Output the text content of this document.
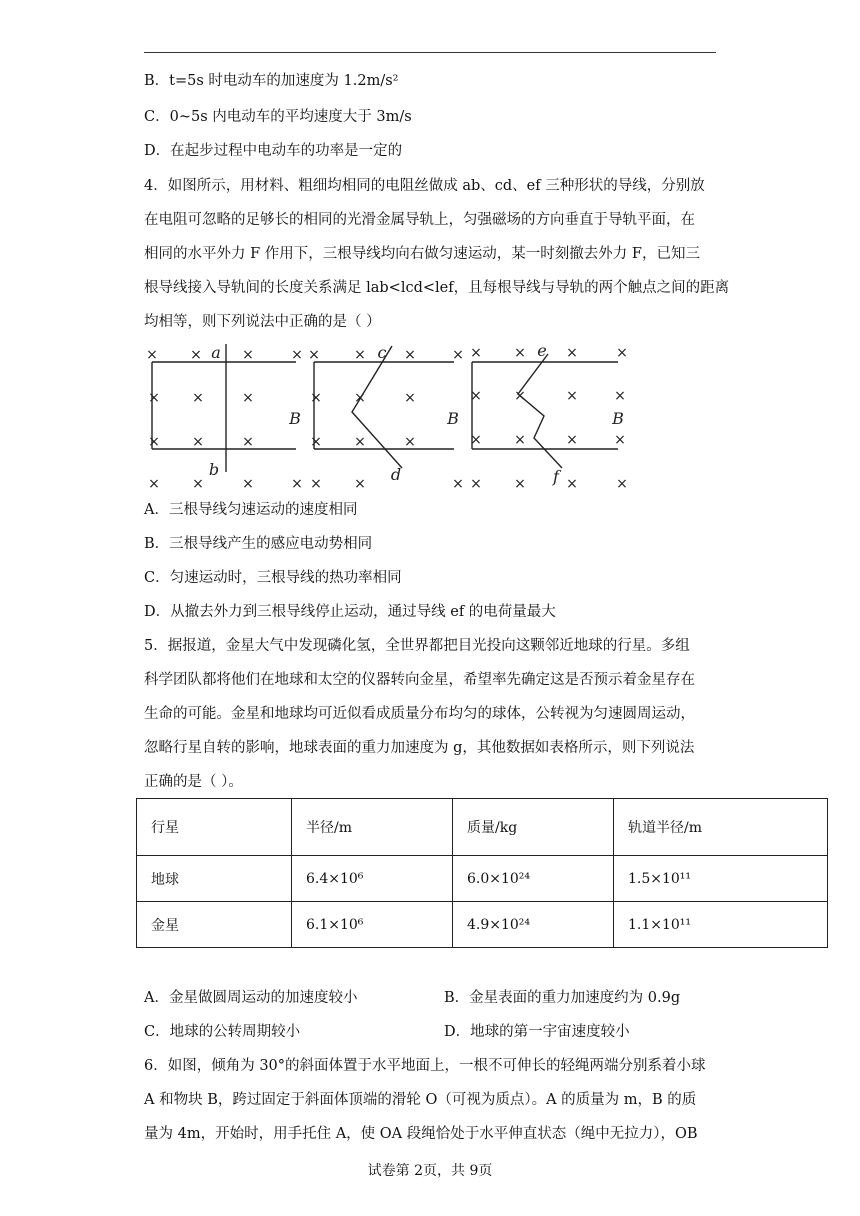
B．t=5s 时电动车的加速度为 1.2m/s²
C．0~5s 内电动车的平均速度大于 3m/s
D．在起步过程中电动车的功率是一定的
4．如图所示，用材料、粗细均相同的电阻丝做成 ab、cd、ef 三种形状的导线，分别放
在电阻可忽略的足够长的相同的光滑金属导轨上，匀强磁场的方向垂直于导轨平面，在
相同的水平外力 F 作用下，三根导线均向右做匀速运动，某一时刻撤去外力 F，已知三
根导线接入导轨间的长度关系满足 lab<lcd<lef，且每根导线与导轨的两个触点之间的距离
均相等，则下列说法中正确的是（ ）
× ×	×	× × ×	×	× × ×	×	×
× ×	×	× ×	×	× ×	×	×
× ×	×	× ×	×	× ×	×	×
× ×	×	× × ×	× × ×	×	×
a
b
c
d
e
f
B	B	B
A．三根导线匀速运动的速度相同
B．三根导线产生的感应电动势相同
C．匀速运动时，三根导线的热功率相同
D．从撤去外力到三根导线停止运动，通过导线 ef 的电荷量最大
5．据报道，金星大气中发现磷化氢，全世界都把目光投向这颗邻近地球的行星。多组
科学团队都将他们在地球和太空的仪器转向金星，希望率先确定这是否预示着金星存在
生命的可能。金星和地球均可近似看成质量分布均匀的球体，公转视为匀速圆周运动，
忽略行星自转的影响，地球表面的重力加速度为 g，其他数据如表格所示，则下列说法
正确的是（ ）。
行星	半径/m	质量/kg	轨道半径/m
地球	6.4×10⁶	6.0×10²⁴	1.5×10¹¹
金星	6.1×10⁶	4.9×10²⁴	1.1×10¹¹
A．金星做圆周运动的加速度较小	B．金星表面的重力加速度约为 0.9g
C．地球的公转周期较小	D．地球的第一宇宙速度较小
6．如图，倾角为 30°的斜面体置于水平地面上，一根不可伸长的轻绳两端分别系着小球
A 和物块 B，跨过固定于斜面体顶端的滑轮 O（可视为质点）。A 的质量为 m，B 的质
量为 4m，开始时，用手托住 A，使 OA 段绳恰处于水平伸直状态（绳中无拉力），OB
试卷第 2页，共 9页
